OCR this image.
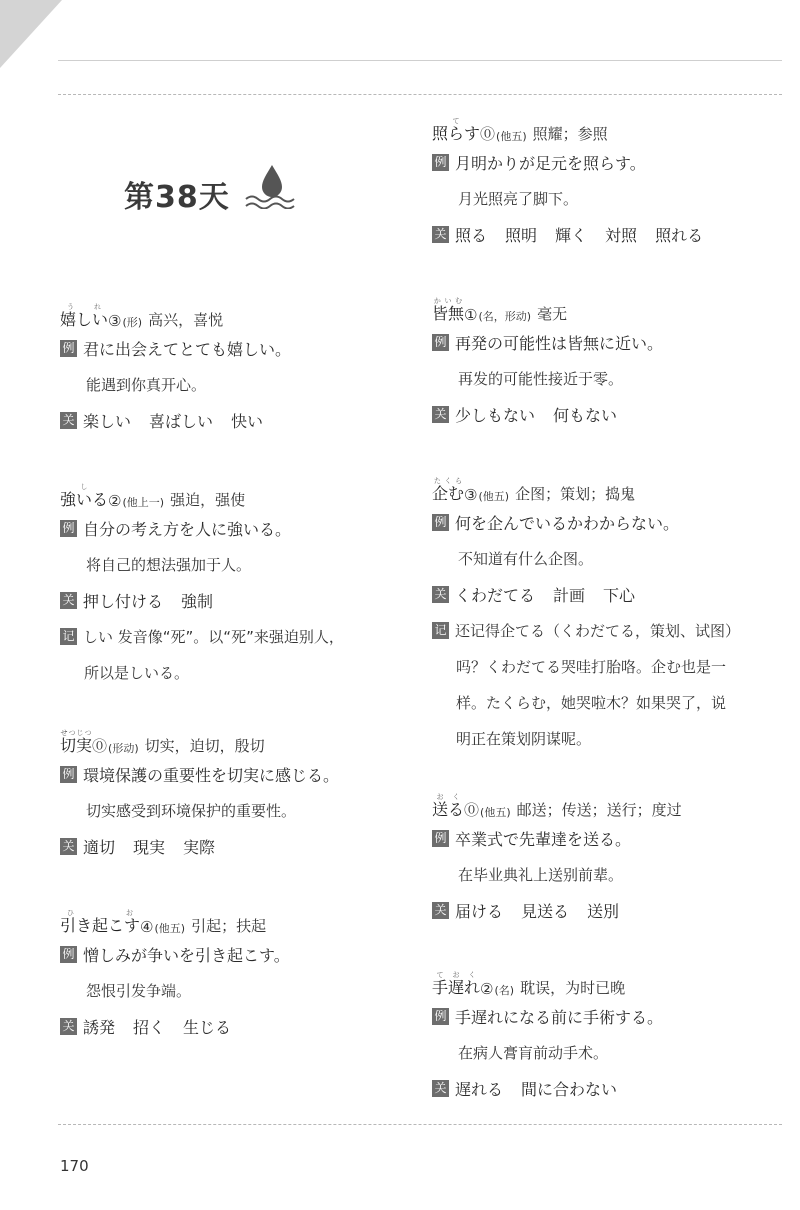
第38天
嬉しいうれ
③ (形) 高兴，喜悦
例 君に出会えてとても嬉しい。
能遇到你真开心。
关 楽しい 喜ばしい 快い
強いるし
② (他上一) 强迫，强使
例 自分の考え方を人に強いる。
将自己的想法强加于人。
关 押し付ける 強制
记 しい 发音像“死”。以“死”来强迫别人，
所以是しいる。
切実せつじつ
⓪ (形动) 切实，迫切，殷切
例 環境保護の重要性を切実に感じる。
切实感受到环境保护的重要性。
关 適切 現実 実際
引き起こすひ　お
④ (他五) 引起；扶起
例 憎しみが争いを引き起こす。
怨恨引发争端。
关 誘発 招く 生じる
照らすて
⓪ (他五) 照耀；参照
例 月明かりが足元を照らす。
月光照亮了脚下。
关 照る 照明 輝く 対照 照れる
皆無かいむ
① (名，形动) 毫无
例 再発の可能性は皆無に近い。
再发的可能性接近于零。
关 少しもない 何もない
企むたくら
③ (他五) 企图；策划；捣鬼
例 何を企んでいるかわからない。
不知道有什么企图。
关 くわだてる 計画 下心
记 还记得企てる（くわだてる，策划、试图）
吗？くわだてる哭哇打胎咯。企む也是一
样。たくらむ，她哭啦木？如果哭了，说
明正在策划阴谋呢。
送るおく
⓪ (他五) 邮送；传送；送行；度过
例 卒業式で先輩達を送る。
在毕业典礼上送别前辈。
关 届ける 見送る 送別
手遅れておく
② (名) 耽误，为时已晚
例 手遅れになる前に手術する。
在病人膏肓前动手术。
关 遅れる 間に合わない
170
